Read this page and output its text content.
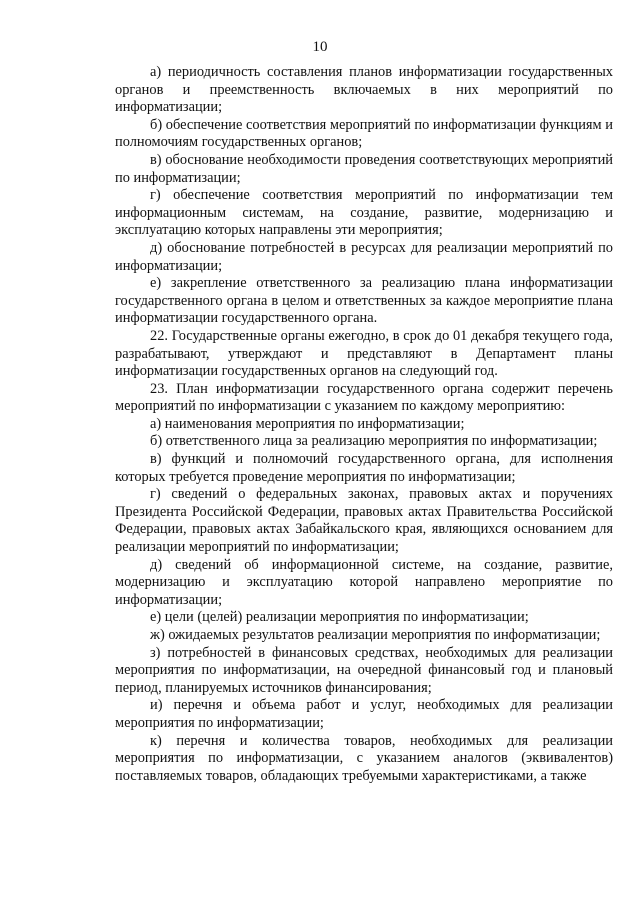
10

а) периодичность составления планов информатизации государственных органов и преемственность включаемых в них мероприятий по информатизации;

б) обеспечение соответствия мероприятий по информатизации функциям и полномочиям государственных органов;

в) обоснование необходимости проведения соответствующих мероприятий по информатизации;

г) обеспечение соответствия мероприятий по информатизации тем информационным системам, на создание, развитие, модернизацию и эксплуатацию которых направлены эти мероприятия;

д) обоснование потребностей в ресурсах для реализации мероприятий по информатизации;

е) закрепление ответственного за реализацию плана информатизации государственного органа в целом и ответственных за каждое мероприятие плана информатизации государственного органа.

22. Государственные органы ежегодно, в срок до 01 декабря текущего года, разрабатывают, утверждают и представляют в Департамент планы информатизации государственных органов на следующий год.

23. План информатизации государственного органа содержит перечень мероприятий по информатизации с указанием по каждому мероприятию:

а) наименования мероприятия по информатизации;

б) ответственного лица за реализацию мероприятия по информатизации;

в) функций и полномочий государственного органа, для исполнения которых требуется проведение мероприятия по информатизации;

г) сведений о федеральных законах, правовых актах и поручениях Президента Российской Федерации, правовых актах Правительства Российской Федерации, правовых актах Забайкальского края, являющихся основанием для реализации мероприятий по информатизации;

д) сведений об информационной системе, на создание, развитие, модернизацию и эксплуатацию которой направлено мероприятие по информатизации;

е) цели (целей) реализации мероприятия по информатизации;

ж) ожидаемых результатов реализации мероприятия по информатизации;

з) потребностей в финансовых средствах, необходимых для реализации мероприятия по информатизации, на очередной финансовый год и плановый период, планируемых источников финансирования;

и) перечня и объема работ и услуг, необходимых для реализации мероприятия по информатизации;

к) перечня и количества товаров, необходимых для реализации мероприятия по информатизации, с указанием аналогов (эквивалентов) поставляемых товаров, обладающих требуемыми характеристиками, а также
